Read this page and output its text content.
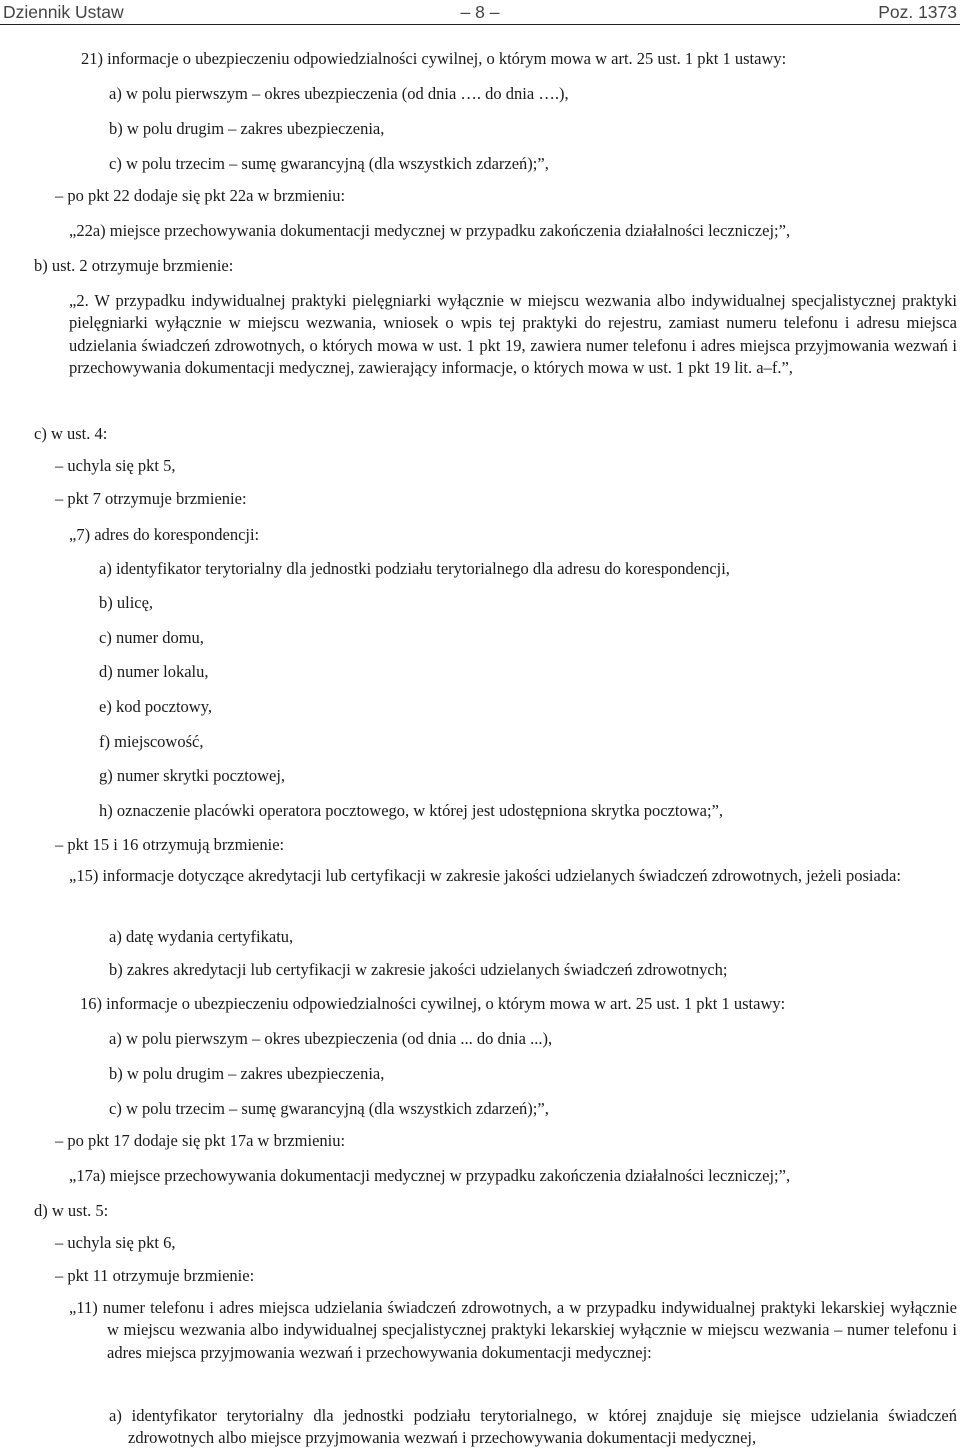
Dziennik Ustaw	– 8 –	Poz. 1373
21) informacje o ubezpieczeniu odpowiedzialności cywilnej, o którym mowa w art. 25 ust. 1 pkt 1 ustawy:
a) w polu pierwszym – okres ubezpieczenia (od dnia …. do dnia ….),
b) w polu drugim – zakres ubezpieczenia,
c) w polu trzecim – sumę gwarancyjną (dla wszystkich zdarzeń);”,
– po pkt 22 dodaje się pkt 22a w brzmieniu:
„22a) miejsce przechowywania dokumentacji medycznej w przypadku zakończenia działalności leczniczej;”,
b) ust. 2 otrzymuje brzmienie:
c) w ust. 4:
– uchyla się pkt 5,
– pkt 7 otrzymuje brzmienie:
„7) adres do korespondencji:
a) identyfikator terytorialny dla jednostki podziału terytorialnego dla adresu do korespondencji,
b) ulicę,
c) numer domu,
d) numer lokalu,
e) kod pocztowy,
f) miejscowość,
g) numer skrytki pocztowej,
h) oznaczenie placówki operatora pocztowego, w której jest udostępniona skrytka pocztowa;”,
– pkt 15 i 16 otrzymują brzmienie:
a) datę wydania certyfikatu,
b) zakres akredytacji lub certyfikacji w zakresie jakości udzielanych świadczeń zdrowotnych;
16) informacje o ubezpieczeniu odpowiedzialności cywilnej, o którym mowa w art. 25 ust. 1 pkt 1 ustawy:
a) w polu pierwszym – okres ubezpieczenia (od dnia ... do dnia ...),
b) w polu drugim – zakres ubezpieczenia,
c) w polu trzecim – sumę gwarancyjną (dla wszystkich zdarzeń);”,
– po pkt 17 dodaje się pkt 17a w brzmieniu:
„17a) miejsce przechowywania dokumentacji medycznej w przypadku zakończenia działalności leczniczej;”,
d) w ust. 5:
– uchyla się pkt 6,
– pkt 11 otrzymuje brzmienie:
„2. W przypadku indywidualnej praktyki pielęgniarki wyłącznie w miejscu wezwania albo indywidualnej specjalistycznej praktyki pielęgniarki wyłącznie w miejscu wezwania, wniosek o wpis tej praktyki do rejestru, zamiast numeru telefonu i adresu miejsca udzielania świadczeń zdrowotnych, o których mowa w ust. 1 pkt 19, zawiera numer telefonu i adres miejsca przyjmowania wezwań i przechowywania dokumentacji medycznej, zawierający informacje, o których mowa w ust. 1 pkt 19 lit. a–f.”,
„15) informacje dotyczące akredytacji lub certyfikacji w zakresie jakości udzielanych świadczeń zdrowotnych, jeżeli posiada:
„11) numer telefonu i adres miejsca udzielania świadczeń zdrowotnych, a w przypadku indywidualnej praktyki lekarskiej wyłącznie w miejscu wezwania albo indywidualnej specjalistycznej praktyki lekarskiej wyłącznie w miejscu wezwania – numer telefonu i adres miejsca przyjmowania wezwań i przechowywania dokumentacji medycznej:
a) identyfikator terytorialny dla jednostki podziału terytorialnego, w której znajduje się miejsce udzielania świadczeń zdrowotnych albo miejsce przyjmowania wezwań i przechowywania dokumentacji medycznej,
